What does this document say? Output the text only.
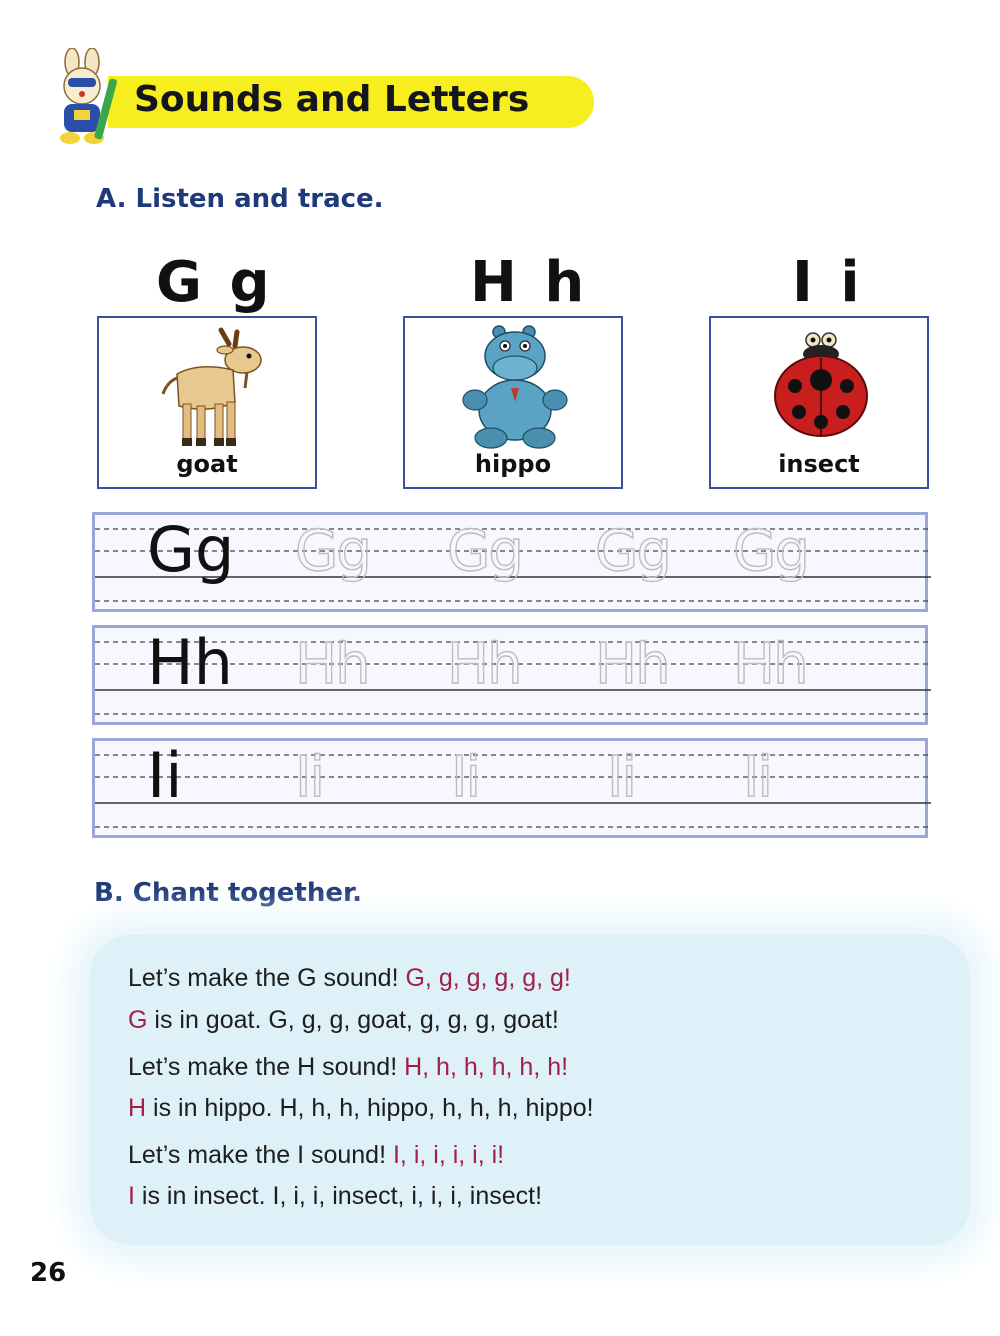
Sounds and Letters
A. Listen and trace.
G g	H h	I i
goat	hippo	insect
Gg Gg Gg Gg Gg
Hh Hh Hh Hh Hh
Ii Ii Ii Ii Ii
B. Chant together.
Let’s make the G sound! G, g, g, g, g, g!
G is in goat. G, g, g, goat, g, g, g, goat!
Let’s make the H sound! H, h, h, h, h, h!
H is in hippo. H, h, h, hippo, h, h, h, hippo!
Let’s make the I sound! I, i, i, i, i, i!
I is in insect. I, i, i, insect, i, i, i, insect!
26
